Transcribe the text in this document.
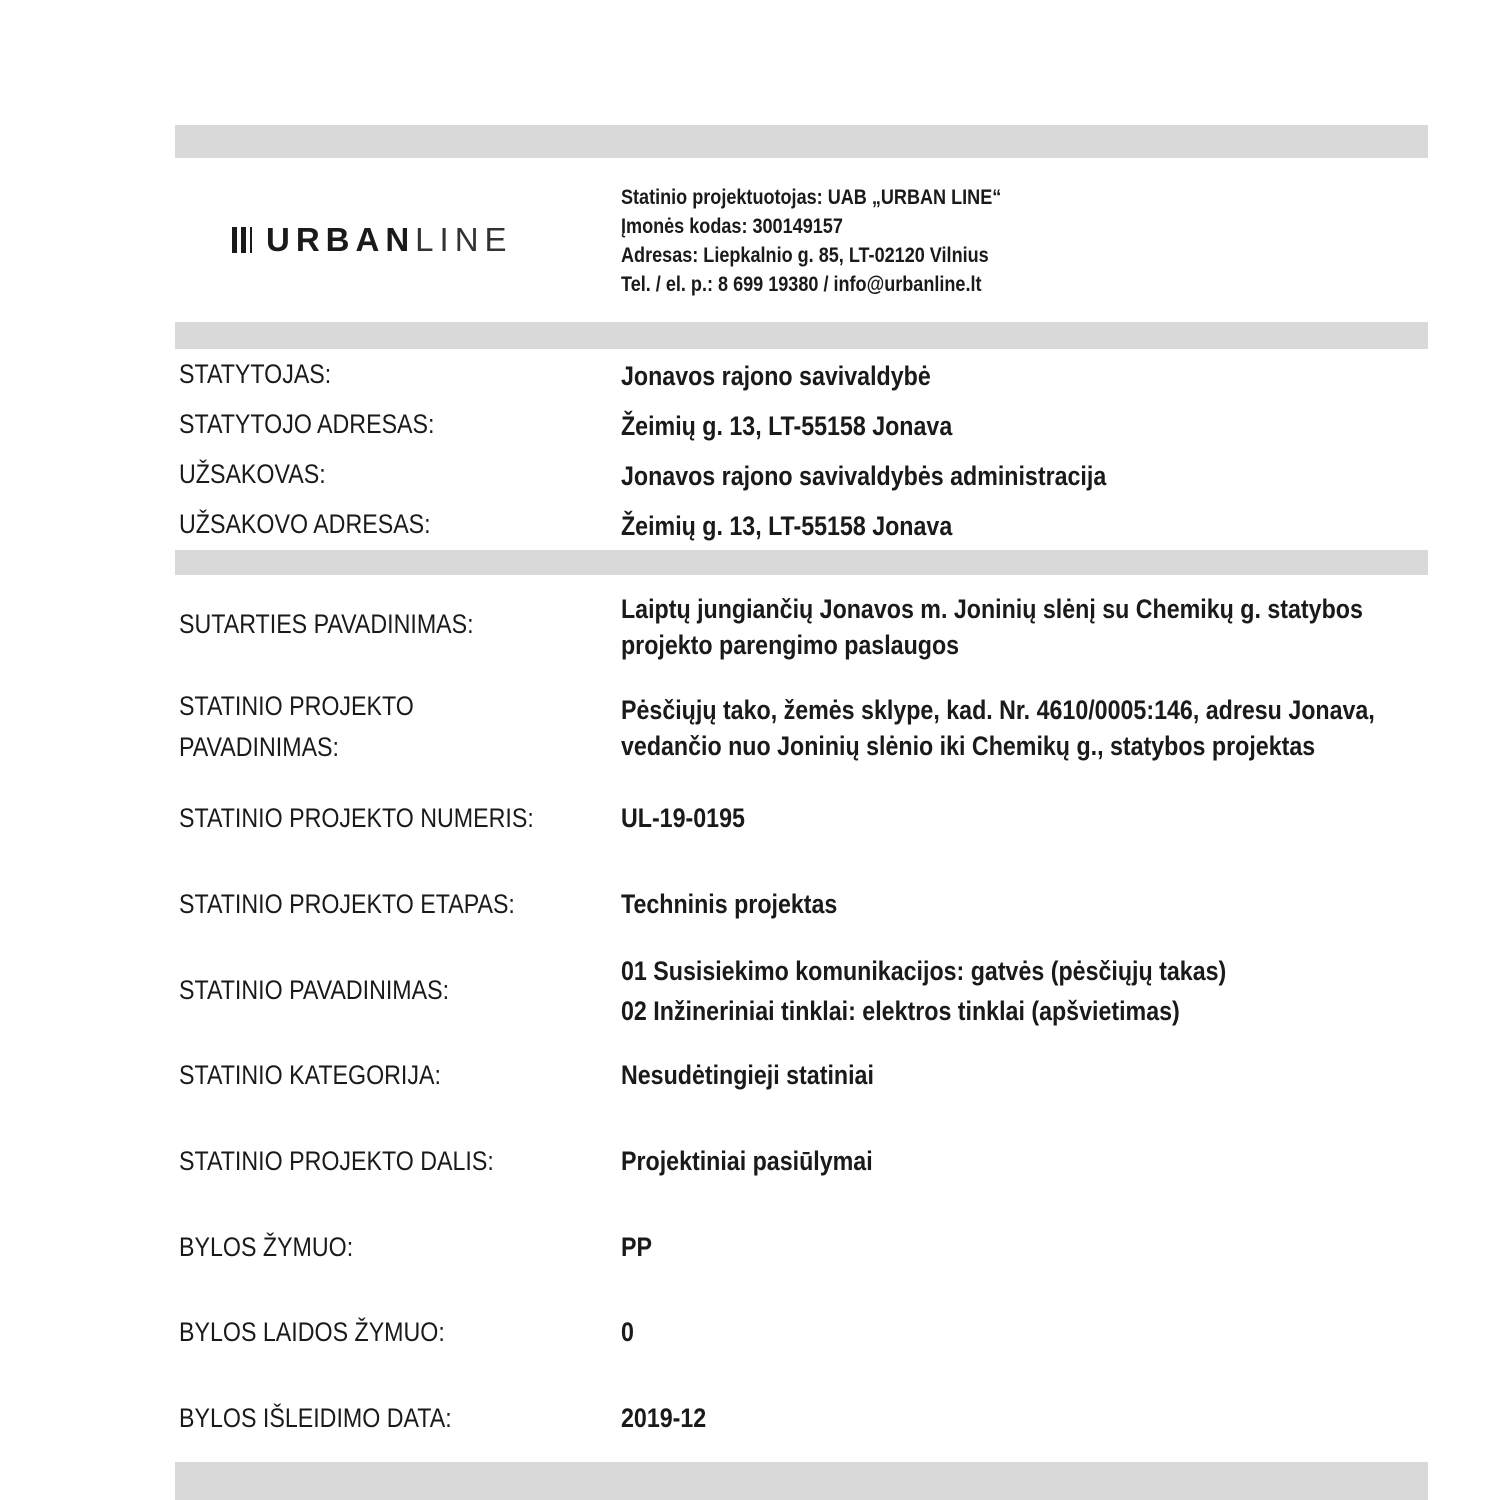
URBANLINE
Statinio projektuotojas: UAB „URBAN LINE“
Įmonės kodas: 300149157
Adresas: Liepkalnio g. 85, LT-02120 Vilnius
Tel. / el. p.: 8 699 19380 / info@urbanline.lt
STATYTOJAS:	Jonavos rajono savivaldybė
STATYTOJO ADRESAS:	Žeimių g. 13, LT-55158 Jonava
UŽSAKOVAS:	Jonavos rajono savivaldybės administracija
UŽSAKOVO ADRESAS:	Žeimių g. 13, LT-55158 Jonava
SUTARTIES PAVADINIMAS:	Laiptų jungiančių Jonavos m. Joninių slėnį su Chemikų g. statybos
projekto parengimo paslaugos
STATINIO PROJEKTO
PAVADINIMAS:
Pėsčiųjų tako, žemės sklype, kad. Nr. 4610/0005:146, adresu Jonava,
vedančio nuo Joninių slėnio iki Chemikų g., statybos projektas
STATINIO PROJEKTO NUMERIS:	UL-19-0195
STATINIO PROJEKTO ETAPAS:	Techninis projektas
STATINIO PAVADINIMAS:
01 Susisiekimo komunikacijos: gatvės (pėsčiųjų takas)
02 Inžineriniai tinklai: elektros tinklai (apšvietimas)
STATINIO KATEGORIJA:	Nesudėtingieji statiniai
STATINIO PROJEKTO DALIS:	Projektiniai pasiūlymai
BYLOS ŽYMUO:	PP
BYLOS LAIDOS ŽYMUO:	0
BYLOS IŠLEIDIMO DATA:	2019-12
